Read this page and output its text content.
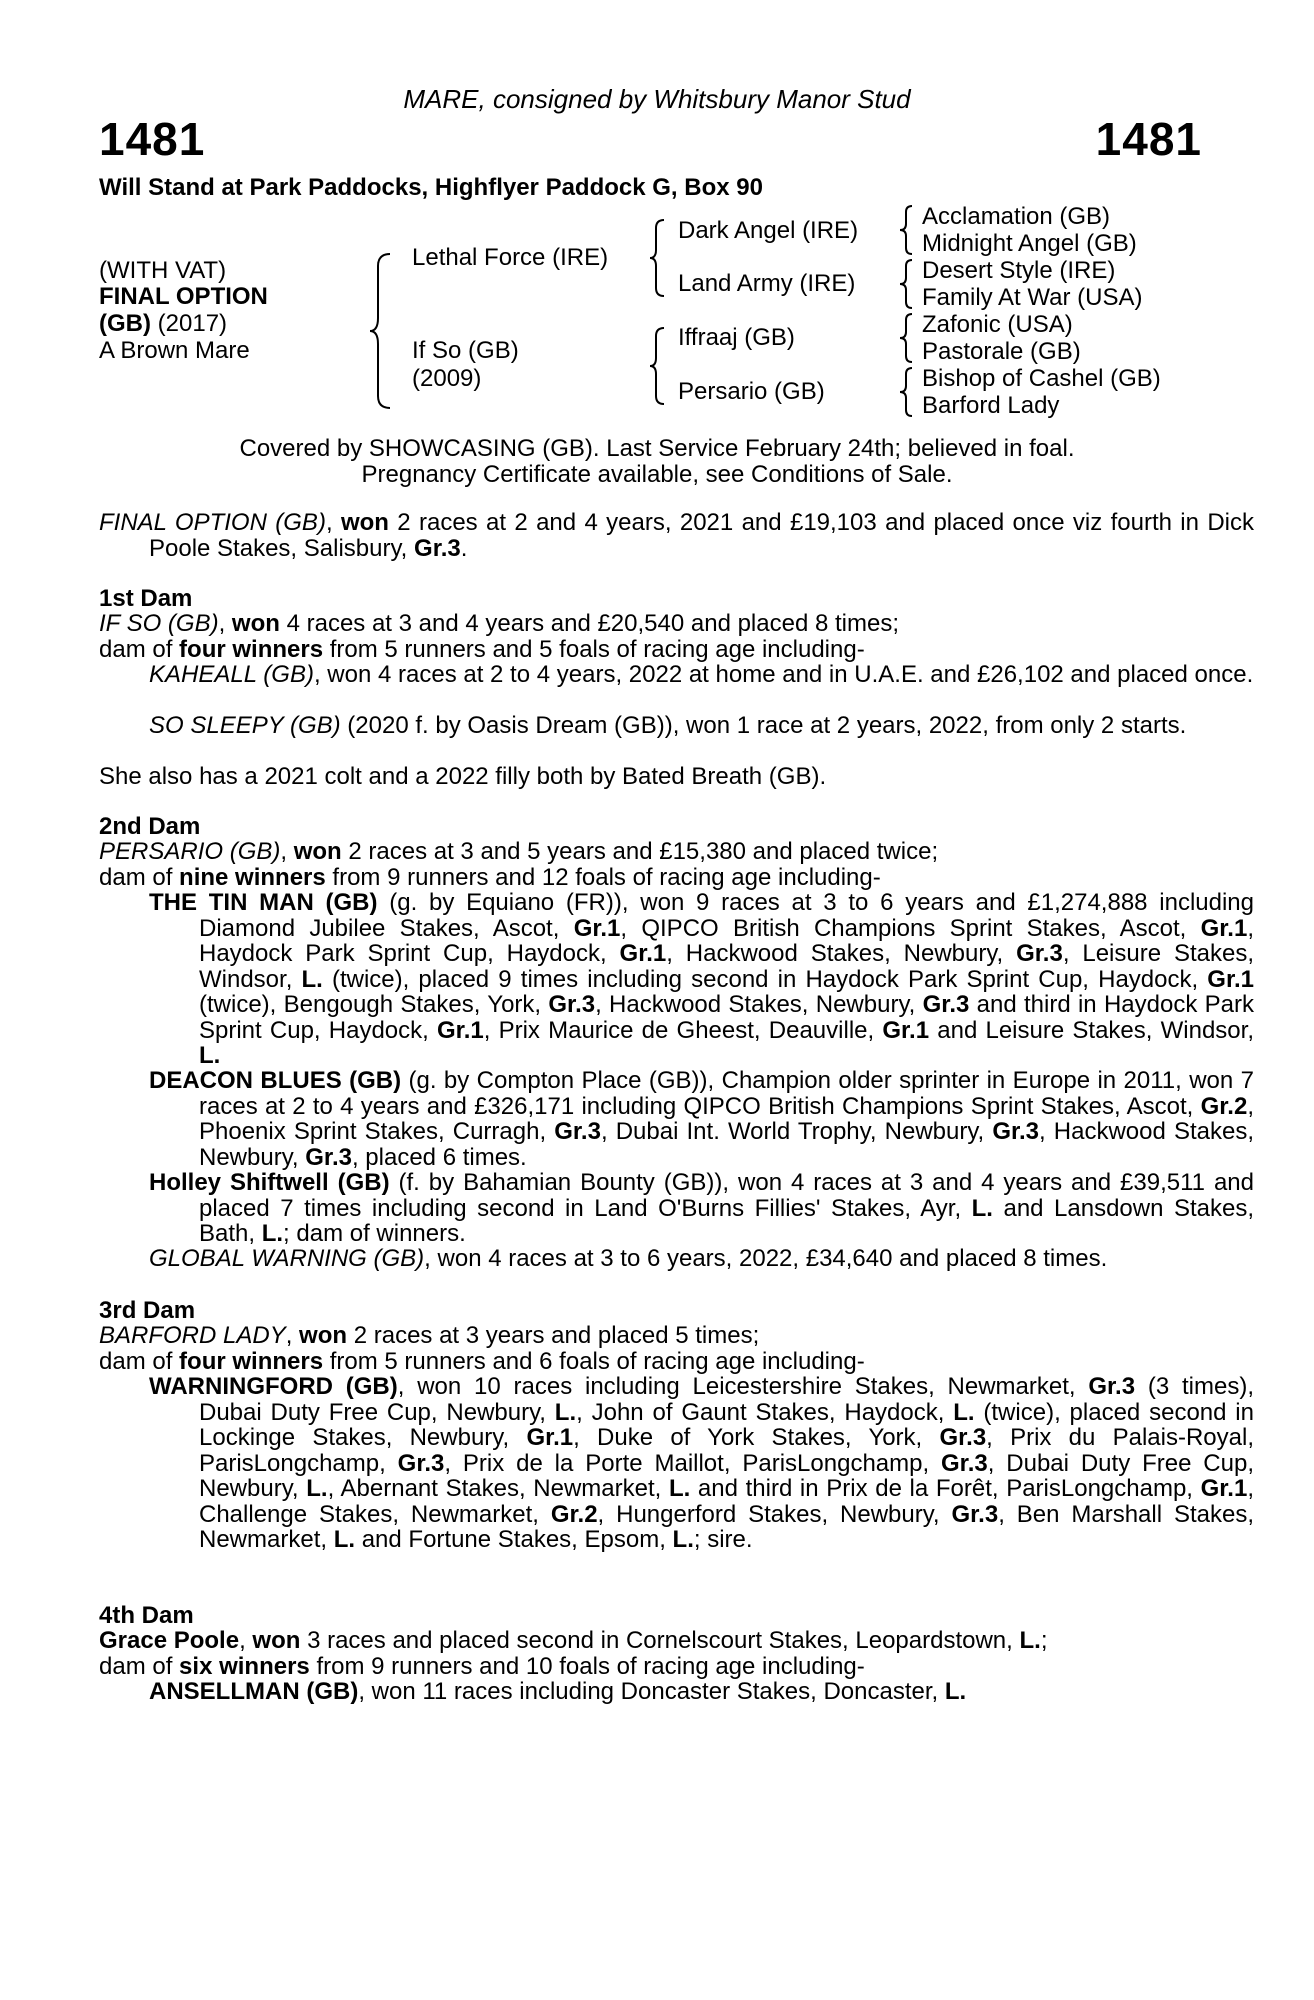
MARE, consigned by Whitsbury Manor Stud
1481	1481
Will Stand at Park Paddocks, Highflyer Paddock G, Box 90
(WITH VAT)
FINAL OPTION
(GB) (2017)
A Brown Mare
Lethal Force (IRE)
If So (GB)
(2009)
Dark Angel (IRE)
Land Army (IRE)
Iffraaj (GB)
Persario (GB)
Acclamation (GB)
Midnight Angel (GB)
Desert Style (IRE)
Family At War (USA)
Zafonic (USA)
Pastorale (GB)
Bishop of Cashel (GB)
Barford Lady
Covered by SHOWCASING (GB). Last Service February 24th; believed in foal.
Pregnancy Certificate available, see Conditions of Sale.
FINAL OPTION (GB), won 2 races at 2 and 4 years, 2021 and £19,103 and placed once viz fourth in Dick Poole Stakes, Salisbury, Gr.3.
1st Dam
IF SO (GB), won 4 races at 3 and 4 years and £20,540 and placed 8 times;
dam of four winners from 5 runners and 5 foals of racing age including-
KAHEALL (GB), won 4 races at 2 to 4 years, 2022 at home and in U.A.E. and £26,102 and placed once.
SO SLEEPY (GB) (2020 f. by Oasis Dream (GB)), won 1 race at 2 years, 2022, from only 2 starts.
She also has a 2021 colt and a 2022 filly both by Bated Breath (GB).
2nd Dam
PERSARIO (GB), won 2 races at 3 and 5 years and £15,380 and placed twice;
dam of nine winners from 9 runners and 12 foals of racing age including-
THE TIN MAN (GB) (g. by Equiano (FR)), won 9 races at 3 to 6 years and £1,274,888 including Diamond Jubilee Stakes, Ascot, Gr.1, QIPCO British Champions Sprint Stakes, Ascot, Gr.1, Haydock Park Sprint Cup, Haydock, Gr.1, Hackwood Stakes, Newbury, Gr.3, Leisure Stakes, Windsor, L. (twice), placed 9 times including second in Haydock Park Sprint Cup, Haydock, Gr.1 (twice), Bengough Stakes, York, Gr.3, Hackwood Stakes, Newbury, Gr.3 and third in Haydock Park Sprint Cup, Haydock, Gr.1, Prix Maurice de Gheest, Deauville, Gr.1 and Leisure Stakes, Windsor, L.
DEACON BLUES (GB) (g. by Compton Place (GB)), Champion older sprinter in Europe in 2011, won 7 races at 2 to 4 years and £326,171 including QIPCO British Champions Sprint Stakes, Ascot, Gr.2, Phoenix Sprint Stakes, Curragh, Gr.3, Dubai Int. World Trophy, Newbury, Gr.3, Hackwood Stakes, Newbury, Gr.3, placed 6 times.
Holley Shiftwell (GB) (f. by Bahamian Bounty (GB)), won 4 races at 3 and 4 years and £39,511 and placed 7 times including second in Land O'Burns Fillies' Stakes, Ayr, L. and Lansdown Stakes, Bath, L.; dam of winners.
GLOBAL WARNING (GB), won 4 races at 3 to 6 years, 2022, £34,640 and placed 8 times.
3rd Dam
BARFORD LADY, won 2 races at 3 years and placed 5 times;
dam of four winners from 5 runners and 6 foals of racing age including-
WARNINGFORD (GB), won 10 races including Leicestershire Stakes, Newmarket, Gr.3 (3 times), Dubai Duty Free Cup, Newbury, L., John of Gaunt Stakes, Haydock, L. (twice), placed second in Lockinge Stakes, Newbury, Gr.1, Duke of York Stakes, York, Gr.3, Prix du Palais-Royal, ParisLongchamp, Gr.3, Prix de la Porte Maillot, ParisLongchamp, Gr.3, Dubai Duty Free Cup, Newbury, L., Abernant Stakes, Newmarket, L. and third in Prix de la Forêt, ParisLongchamp, Gr.1, Challenge Stakes, Newmarket, Gr.2, Hungerford Stakes, Newbury, Gr.3, Ben Marshall Stakes, Newmarket, L. and Fortune Stakes, Epsom, L.; sire.
4th Dam
Grace Poole, won 3 races and placed second in Cornelscourt Stakes, Leopardstown, L.;
dam of six winners from 9 runners and 10 foals of racing age including-
ANSELLMAN (GB), won 11 races including Doncaster Stakes, Doncaster, L.
